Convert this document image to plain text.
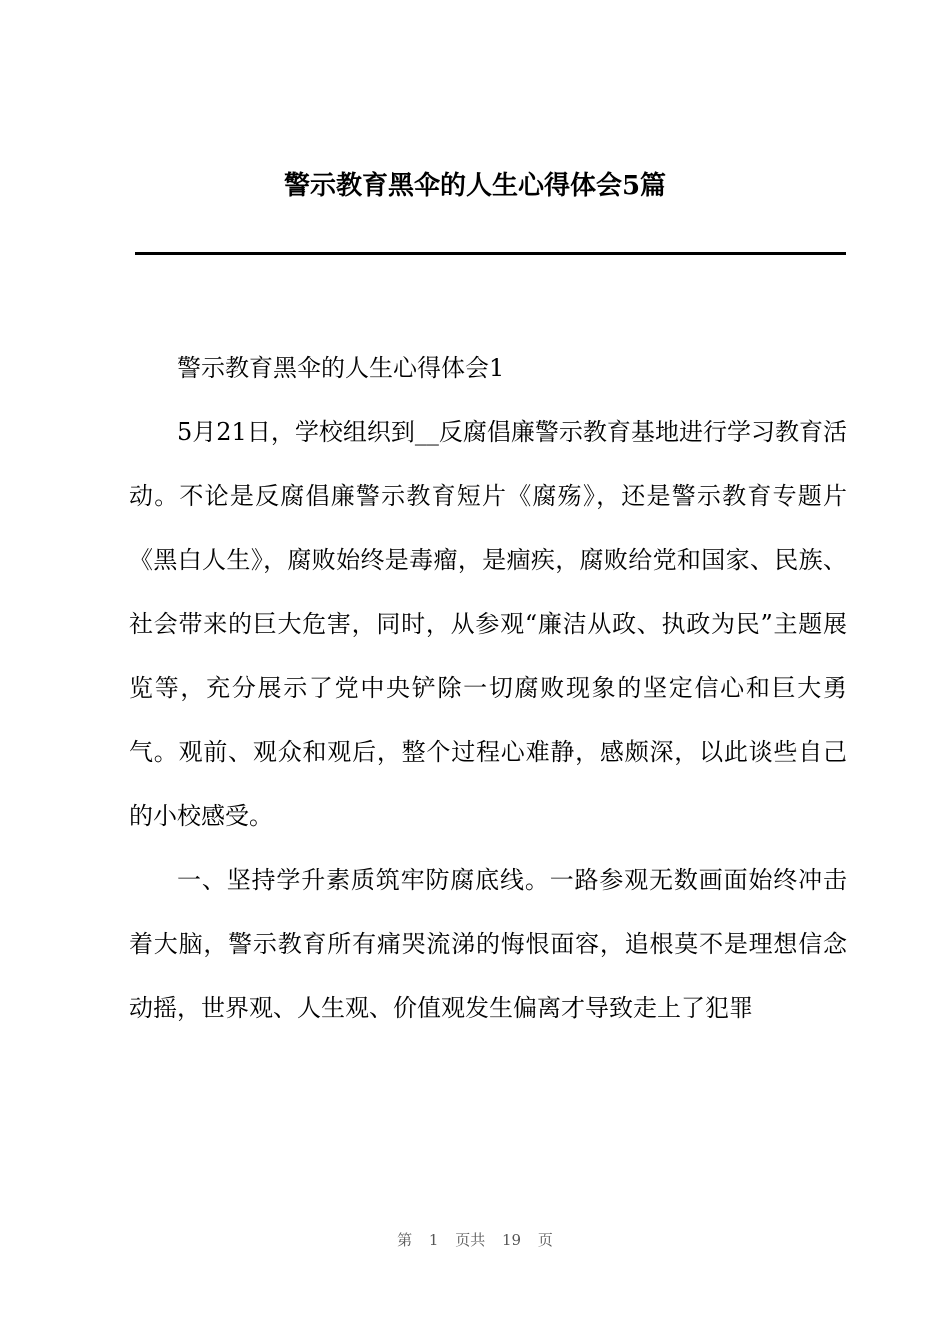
警示教育黑伞的人生心得体会5篇

警示教育黑伞的人生心得体会1

5月21日，学校组织到__反腐倡廉警示教育基地进行学习教育活动。不论是反腐倡廉警示教育短片《腐殇》，还是警示教育专题片《黑白人生》，腐败始终是毒瘤，是痼疾，腐败给党和国家、民族、社会带来的巨大危害，同时，从参观“廉洁从政、执政为民”主题展览等，充分展示了党中央铲除一切腐败现象的坚定信心和巨大勇气。观前、观众和观后，整个过程心难静，感颇深，以此谈些自己的小校感受。

一、坚持学升素质筑牢防腐底线。一路参观无数画面始终冲击着大脑，警示教育所有痛哭流涕的悔恨面容，追根莫不是理想信念动摇，世界观、人生观、价值观发生偏离才导致走上了犯罪

第 1 页共 19 页
